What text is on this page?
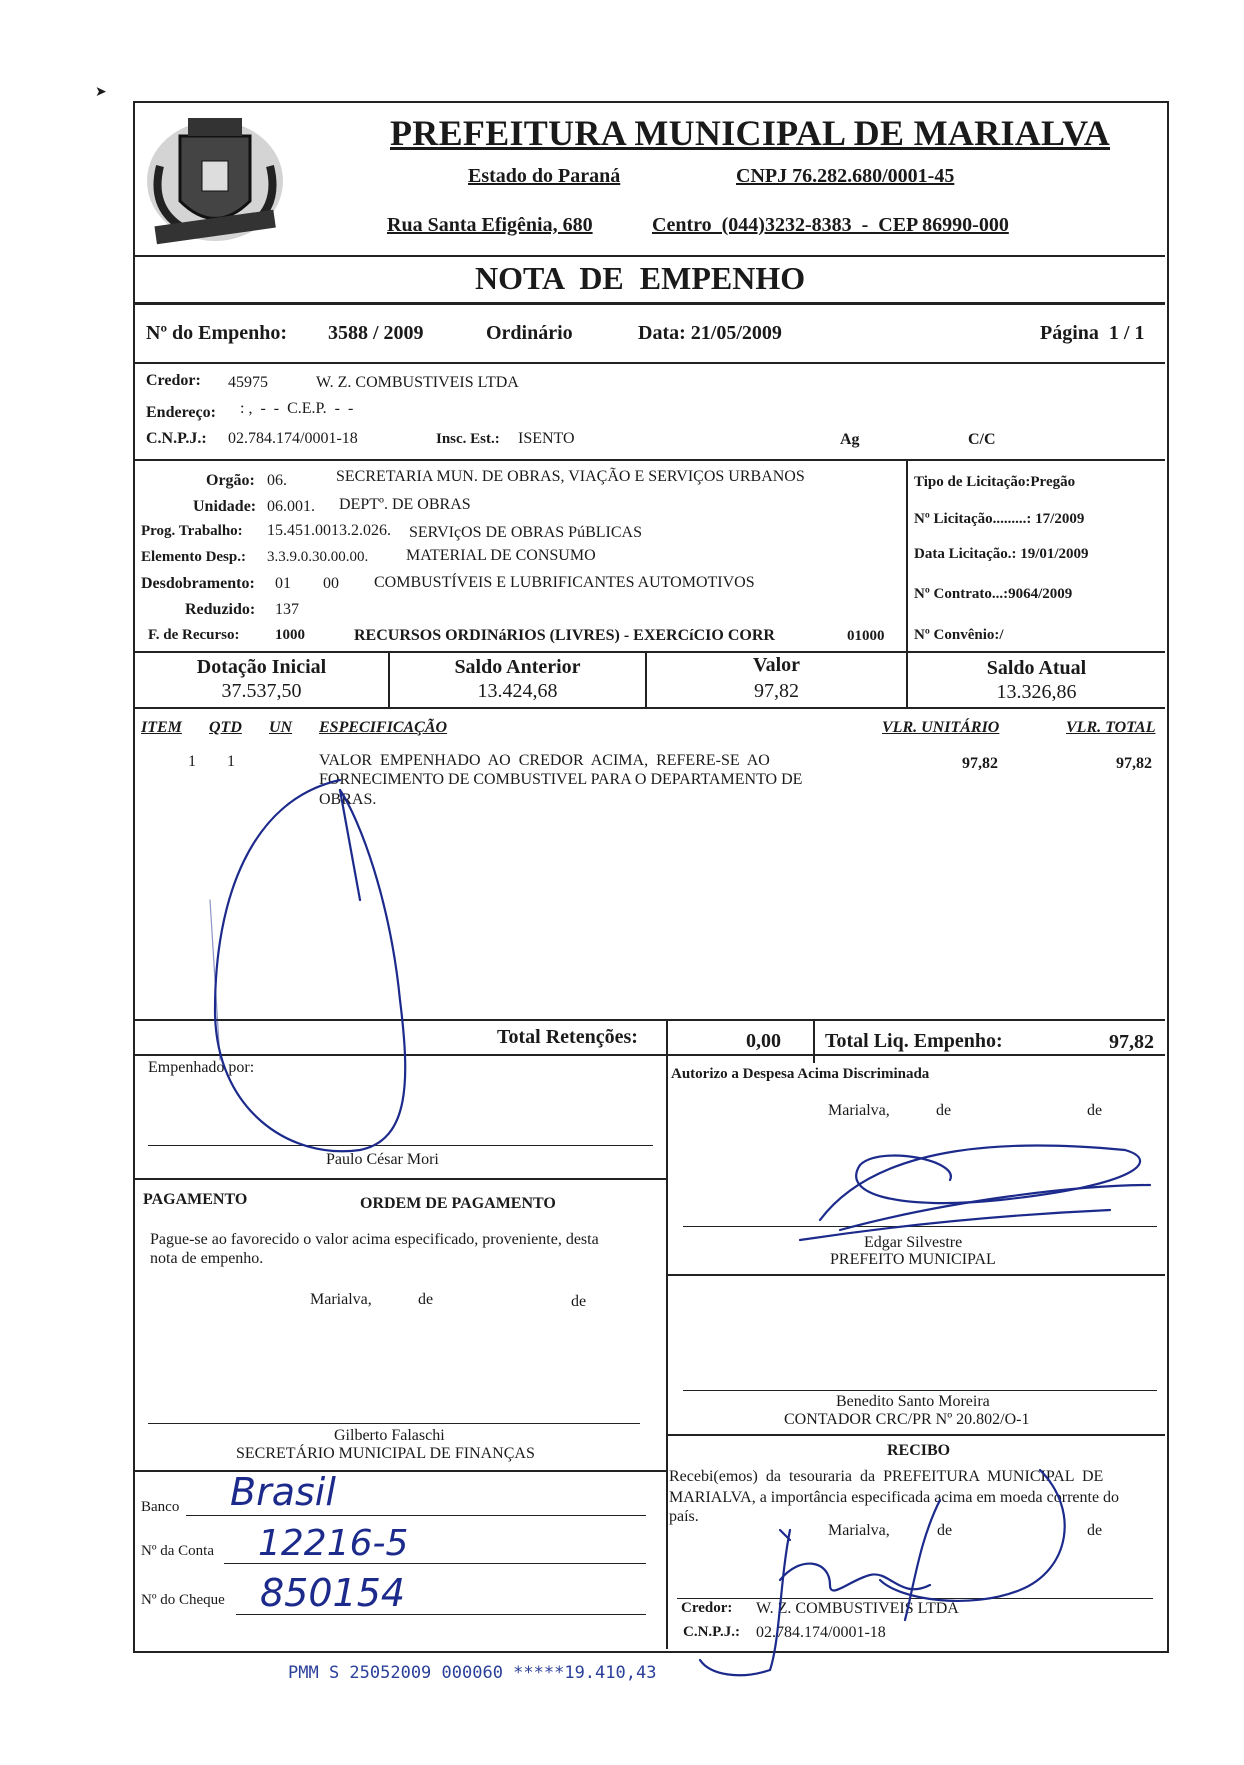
➤
PREFEITURA MUNICIPAL DE MARIALVA
Estado do Paraná	CNPJ 76.282.680/0001-45
Rua Santa Efigênia, 680	Centro  (044)3232-8383  -  CEP 86990-000
NOTA  DE  EMPENHO
Nº do Empenho: 3588 / 2009	Ordinário	Data: 21/05/2009	Página  1 / 1
Credor: 45975	W. Z. COMBUSTIVEIS LTDA
Endereço: : ,  -  -  C.E.P.  -  -
C.N.P.J.: 02.784.174/0001-18	Insc. Est.: ISENTO	Ag	C/C
Orgão: 06.	SECRETARIA MUN. DE OBRAS, VIAÇÃO E SERVIÇOS URBANOS
Unidade: 06.001. DEPTº. DE OBRAS
Prog. Trabalho: 15.451.0013.2.026. SERVIçOS DE OBRAS PúBLICAS
Elemento Desp.: 3.3.9.0.30.00.00. MATERIAL DE CONSUMO
Desdobramento: 01 00 COMBUSTÍVEIS E LUBRIFICANTES AUTOMOTIVOS
Reduzido: 137
F. de Recurso: 1000	RECURSOS ORDINáRIOS (LIVRES) - EXERCíCIO CORR	01000
Tipo de Licitação:Pregão
Nº Licitação.........: 17/2009
Data Licitação.: 19/01/2009
Nº Contrato...:9064/2009
Nº Convênio:/
Dotação Inicial
37.537,50
Saldo Anterior
13.424,68
Valor
97,82
Saldo Atual
13.326,86
ITEM QTD UN ESPECIFICAÇÃO	VLR. UNITÁRIO	VLR. TOTAL
1 1	VALOR  EMPENHADO  AO  CREDOR  ACIMA,  REFERE-SE  AO
FORNECIMENTO DE COMBUSTIVEL PARA O DEPARTAMENTO DE
OBRAS.
97,82	97,82
Total Retenções:	0,00 Total Liq. Empenho:	97,82
Empenhado por:
Paulo César Mori
Autorizo a Despesa Acima Discriminada
Marialva,	de	de
Edgar Silvestre
PREFEITO MUNICIPAL
Benedito Santo Moreira
CONTADOR CRC/PR Nº 20.802/O-1
PAGAMENTO	ORDEM DE PAGAMENTO
Pague-se ao favorecido o valor acima especificado, proveniente, desta
nota de empenho.
Marialva,	de	de
Gilberto Falaschi
SECRETÁRIO MUNICIPAL DE FINANÇAS
Banco Brasil
Nº da Conta 12216-5
Nº do Cheque 850154
RECIBO
Recebi(emos)  da  tesouraria  da  PREFEITURA  MUNICIPAL  DE
MARIALVA, a importância especificada acima em moeda corrente do
país.
Marialva,	de	de
Credor: W. Z. COMBUSTIVEIS LTDA
C.N.P.J.: 02.784.174/0001-18
PMM S 25052009 000060 *****19.410,43
